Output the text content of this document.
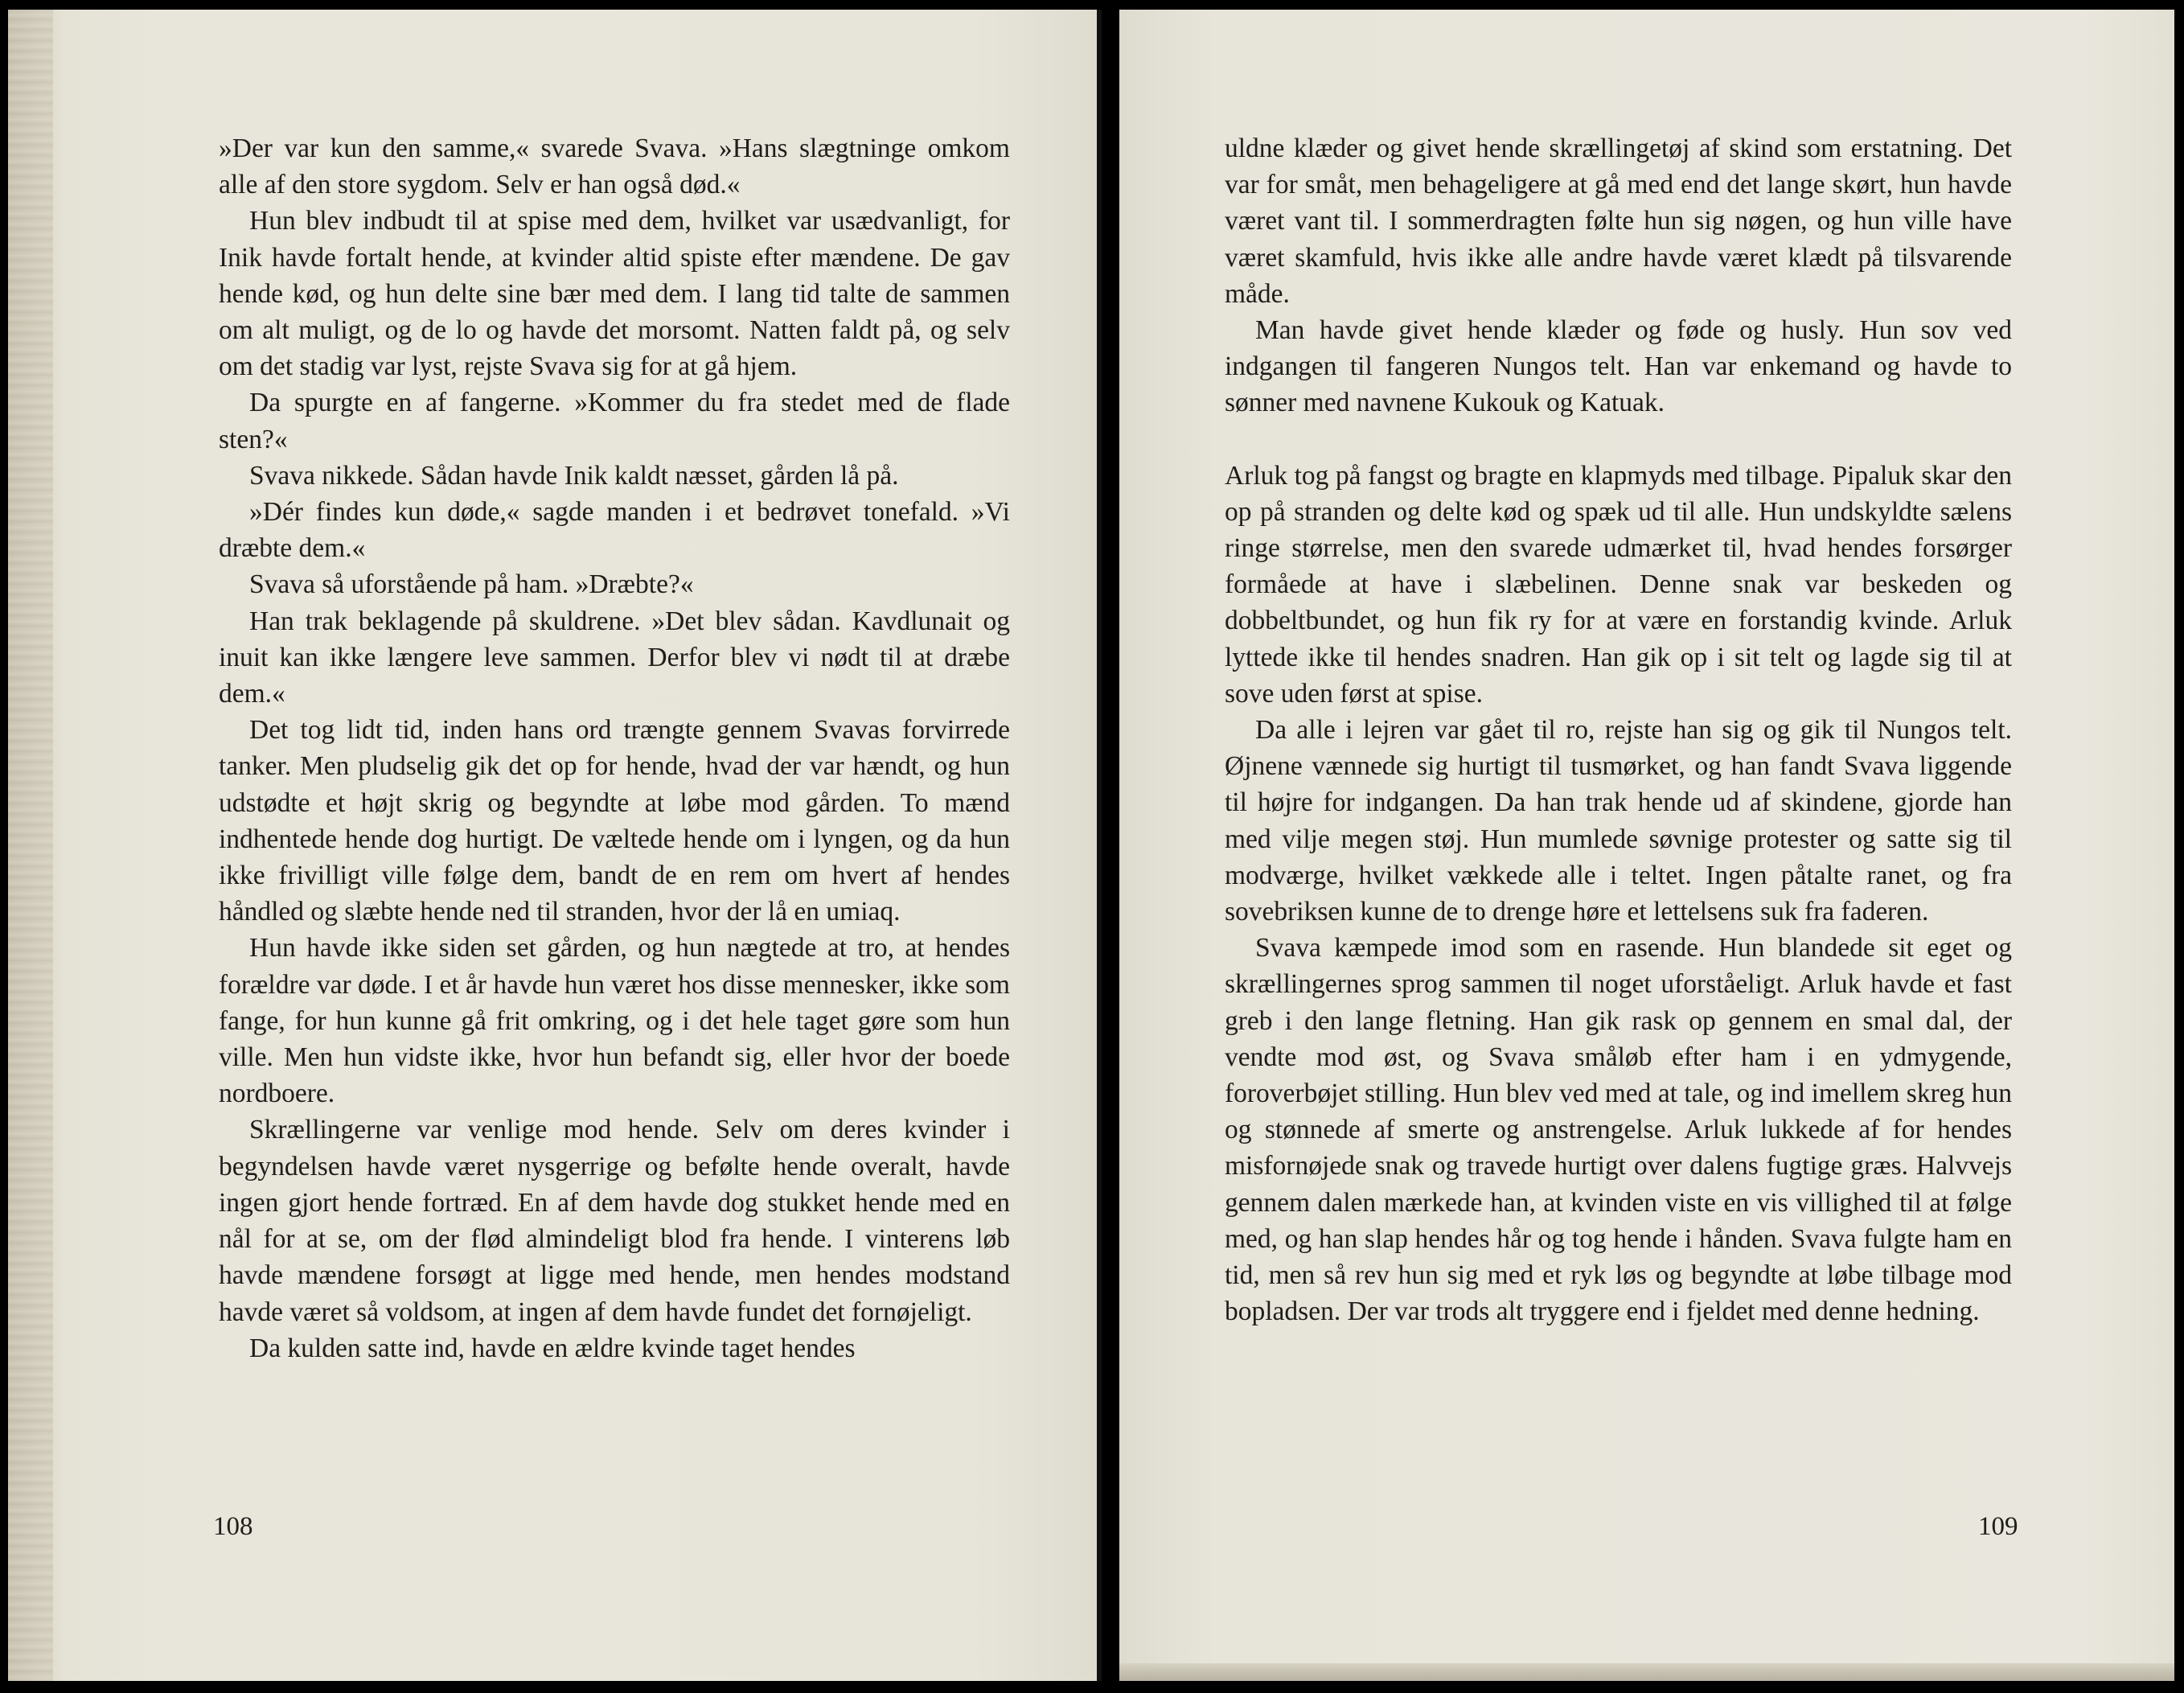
»Der var kun den samme,« svarede Svava. »Hans slægtninge omkom alle af den store sygdom. Selv er han også død.«

Hun blev indbudt til at spise med dem, hvilket var usædvanligt, for Inik havde fortalt hende, at kvinder altid spiste efter mændene. De gav hende kød, og hun delte sine bær med dem. I lang tid talte de sammen om alt muligt, og de lo og havde det morsomt. Natten faldt på, og selv om det stadig var lyst, rejste Svava sig for at gå hjem.

Da spurgte en af fangerne. »Kommer du fra stedet med de flade sten?«

Svava nikkede. Sådan havde Inik kaldt næsset, gården lå på.

»Dér findes kun døde,« sagde manden i et bedrøvet tonefald. »Vi dræbte dem.«

Svava så uforstående på ham. »Dræbte?«

Han trak beklagende på skuldrene. »Det blev sådan. Kavdlunait og inuit kan ikke længere leve sammen. Derfor blev vi nødt til at dræbe dem.«

Det tog lidt tid, inden hans ord trængte gennem Svavas forvirrede tanker. Men pludselig gik det op for hende, hvad der var hændt, og hun udstødte et højt skrig og begyndte at løbe mod gården. To mænd indhentede hende dog hurtigt. De væltede hende om i lyngen, og da hun ikke frivilligt ville følge dem, bandt de en rem om hvert af hendes håndled og slæbte hende ned til stranden, hvor der lå en umiaq.

Hun havde ikke siden set gården, og hun nægtede at tro, at hendes forældre var døde. I et år havde hun været hos disse mennesker, ikke som fange, for hun kunne gå frit omkring, og i det hele taget gøre som hun ville. Men hun vidste ikke, hvor hun befandt sig, eller hvor der boede nordboere.

Skrællingerne var venlige mod hende. Selv om deres kvinder i begyndelsen havde været nysgerrige og befølte hende overalt, havde ingen gjort hende fortræd. En af dem havde dog stukket hende med en nål for at se, om der flød almindeligt blod fra hende. I vinterens løb havde mændene forsøgt at ligge med hende, men hendes modstand havde været så voldsom, at ingen af dem havde fundet det fornøjeligt.

Da kulden satte ind, havde en ældre kvinde taget hendes

108

uldne klæder og givet hende skrællingetøj af skind som erstatning. Det var for småt, men behageligere at gå med end det lange skørt, hun havde været vant til. I sommerdragten følte hun sig nøgen, og hun ville have været skamfuld, hvis ikke alle andre havde været klædt på tilsvarende måde.

Man havde givet hende klæder og føde og husly. Hun sov ved indgangen til fangeren Nungos telt. Han var enkemand og havde to sønner med navnene Kukouk og Katuak.

Arluk tog på fangst og bragte en klapmyds med tilbage. Pipaluk skar den op på stranden og delte kød og spæk ud til alle. Hun undskyldte sælens ringe størrelse, men den svarede udmærket til, hvad hendes forsørger formåede at have i slæbelinen. Denne snak var beskeden og dobbeltbundet, og hun fik ry for at være en forstandig kvinde. Arluk lyttede ikke til hendes snadren. Han gik op i sit telt og lagde sig til at sove uden først at spise.

Da alle i lejren var gået til ro, rejste han sig og gik til Nungos telt. Øjnene vænnede sig hurtigt til tusmørket, og han fandt Svava liggende til højre for indgangen. Da han trak hende ud af skindene, gjorde han med vilje megen støj. Hun mumlede søvnige protester og satte sig til modværge, hvilket vækkede alle i teltet. Ingen påtalte ranet, og fra sovebriksen kunne de to drenge høre et lettelsens suk fra faderen.

Svava kæmpede imod som en rasende. Hun blandede sit eget og skrællingernes sprog sammen til noget uforståeligt. Arluk havde et fast greb i den lange fletning. Han gik rask op gennem en smal dal, der vendte mod øst, og Svava småløb efter ham i en ydmygende, foroverbøjet stilling. Hun blev ved med at tale, og ind imellem skreg hun og stønnede af smerte og anstrengelse. Arluk lukkede af for hendes misfornøjede snak og travede hurtigt over dalens fugtige græs. Halvvejs gennem dalen mærkede han, at kvinden viste en vis villighed til at følge med, og han slap hendes hår og tog hende i hånden. Svava fulgte ham en tid, men så rev hun sig med et ryk løs og begyndte at løbe tilbage mod bopladsen. Der var trods alt tryggere end i fjeldet med denne hedning.

109
